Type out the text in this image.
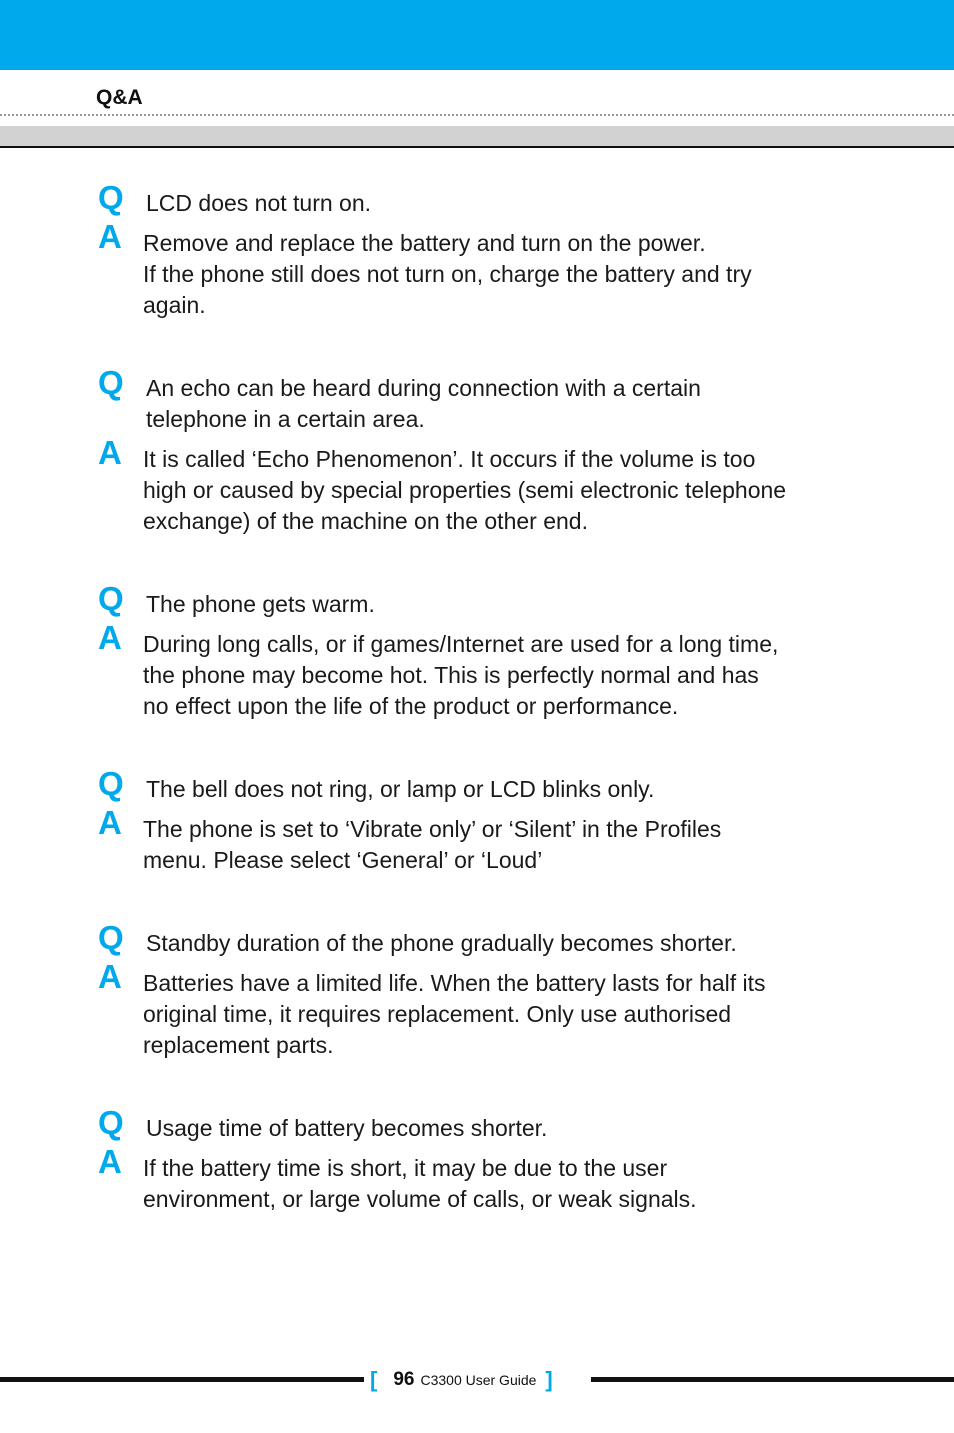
Q&A
Q LCD does not turn on.
A Remove and replace the battery and turn on the power.
If the phone still does not turn on, charge the battery and try
again.
Q An echo can be heard during connection with a certain
telephone in a certain area.
A It is called ‘Echo Phenomenon’. It occurs if the volume is too
high or caused by special properties (semi electronic telephone
exchange) of the machine on the other end.
Q The phone gets warm.
A During long calls, or if games/Internet are used for a long time,
the phone may become hot. This is perfectly normal and has
no effect upon the life of the product or performance.
Q The bell does not ring, or lamp or LCD blinks only.
A The phone is set to ‘Vibrate only’ or ‘Silent’ in the Profiles
menu. Please select ‘General’ or ‘Loud’
Q Standby duration of the phone gradually becomes shorter.
A Batteries have a limited life. When the battery lasts for half its
original time, it requires replacement. Only use authorised
replacement parts.
Q Usage time of battery becomes shorter.
A If the battery time is short, it may be due to the user
environment, or large volume of calls, or weak signals.
[ 96 C3300 User Guide ]
